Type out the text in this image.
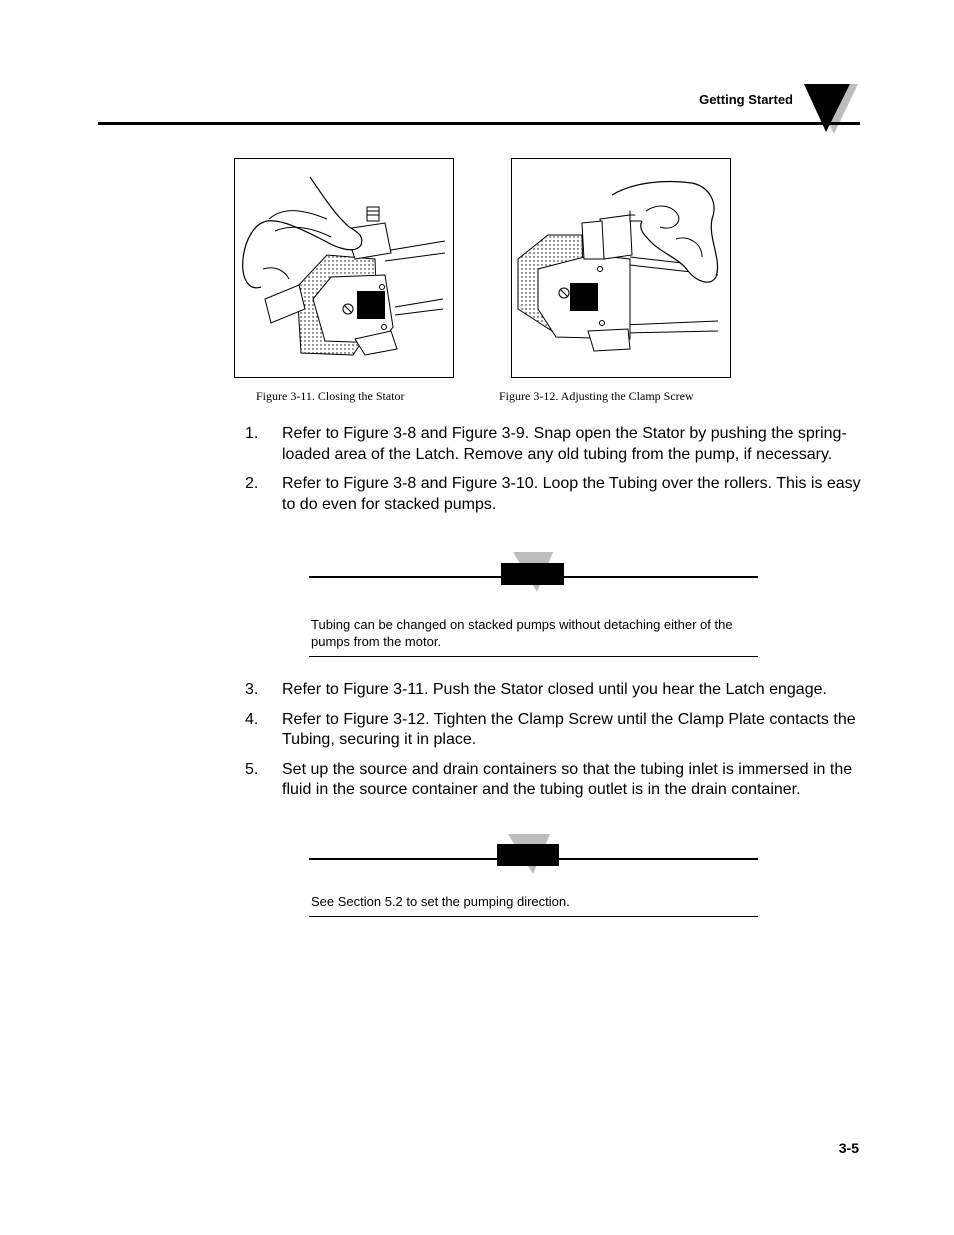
Getting Started
Figure 3-11. Closing the Stator	Figure 3-12. Adjusting the Clamp Screw
1. Refer to Figure 3-8 and Figure 3-9. Snap open the Stator by pushing the spring-loaded area of the Latch. Remove any old tubing from the pump, if necessary.
2. Refer to Figure 3-8 and Figure 3-10. Loop the Tubing over the rollers. This is easy to do even for stacked pumps.
Tubing can be changed on stacked pumps without detaching either of the pumps from the motor.
3. Refer to Figure 3-11. Push the Stator closed until you hear the Latch engage.
4. Refer to Figure 3-12. Tighten the Clamp Screw until the Clamp Plate contacts the Tubing, securing it in place.
5. Set up the source and drain containers so that the tubing inlet is immersed in the fluid in the source container and the tubing outlet is in the drain container.
See Section 5.2 to set the pumping direction.
3-5
